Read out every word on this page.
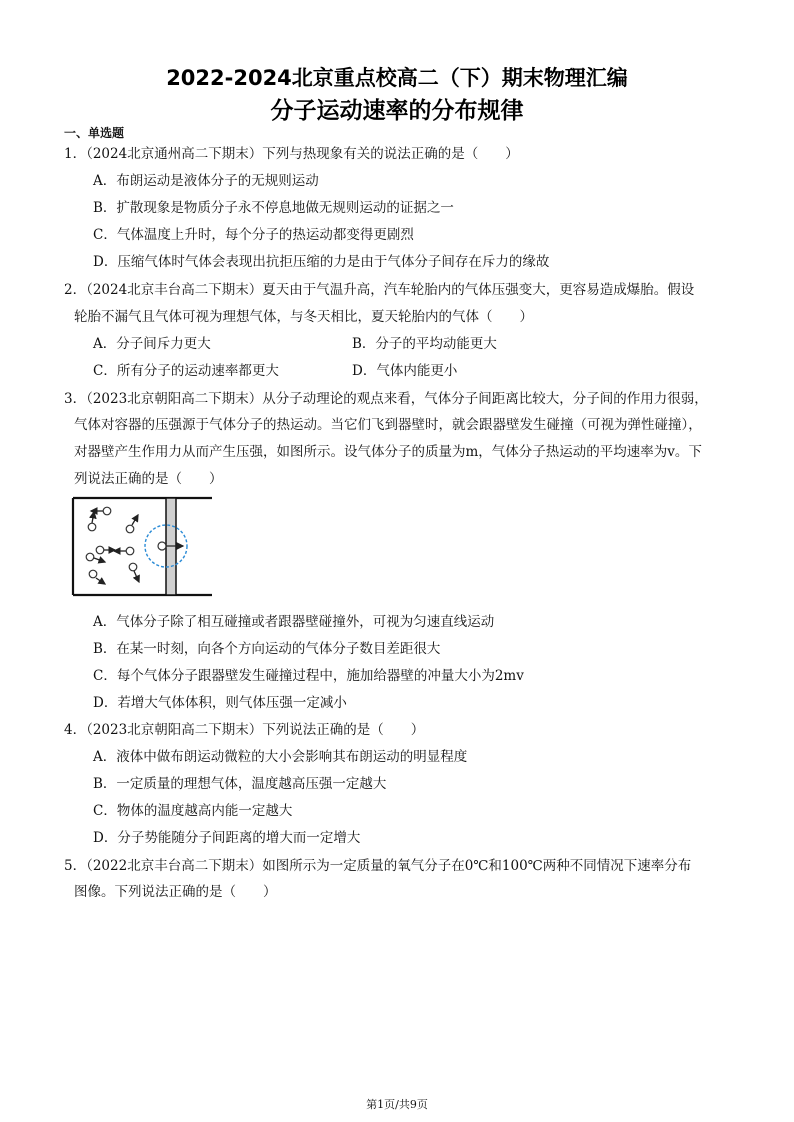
2022-2024北京重点校高二（下）期末物理汇编
分子运动速率的分布规律
一、单选题
1．（2024北京通州高二下期末）下列与热现象有关的说法正确的是（　　）
A．布朗运动是液体分子的无规则运动
B．扩散现象是物质分子永不停息地做无规则运动的证据之一
C．气体温度上升时，每个分子的热运动都变得更剧烈
D．压缩气体时气体会表现出抗拒压缩的力是由于气体分子间存在斥力的缘故
2．（2024北京丰台高二下期末）夏天由于气温升高，汽车轮胎内的气体压强变大，更容易造成爆胎。假设
轮胎不漏气且气体可视为理想气体，与冬天相比，夏天轮胎内的气体（　　）
A．分子间斥力更大	B．分子的平均动能更大
C．所有分子的运动速率都更大	D．气体内能更小
3．（2023北京朝阳高二下期末）从分子动理论的观点来看，气体分子间距离比较大，分子间的作用力很弱，
气体对容器的压强源于气体分子的热运动。当它们飞到器壁时，就会跟器壁发生碰撞（可视为弹性碰撞），
对器壁产生作用力从而产生压强，如图所示。设气体分子的质量为m，气体分子热运动的平均速率为v。下
列说法正确的是（　　）
A．气体分子除了相互碰撞或者跟器壁碰撞外，可视为匀速直线运动
B．在某一时刻，向各个方向运动的气体分子数目差距很大
C．每个气体分子跟器壁发生碰撞过程中，施加给器壁的冲量大小为2mv
D．若增大气体体积，则气体压强一定减小
4．（2023北京朝阳高二下期末）下列说法正确的是（　　）
A．液体中做布朗运动微粒的大小会影响其布朗运动的明显程度
B．一定质量的理想气体，温度越高压强一定越大
C．物体的温度越高内能一定越大
D．分子势能随分子间距离的增大而一定增大
5．（2022北京丰台高二下期末）如图所示为一定质量的氧气分子在0℃和100℃两种不同情况下速率分布
图像。下列说法正确的是（　　）
第1页/共9页
